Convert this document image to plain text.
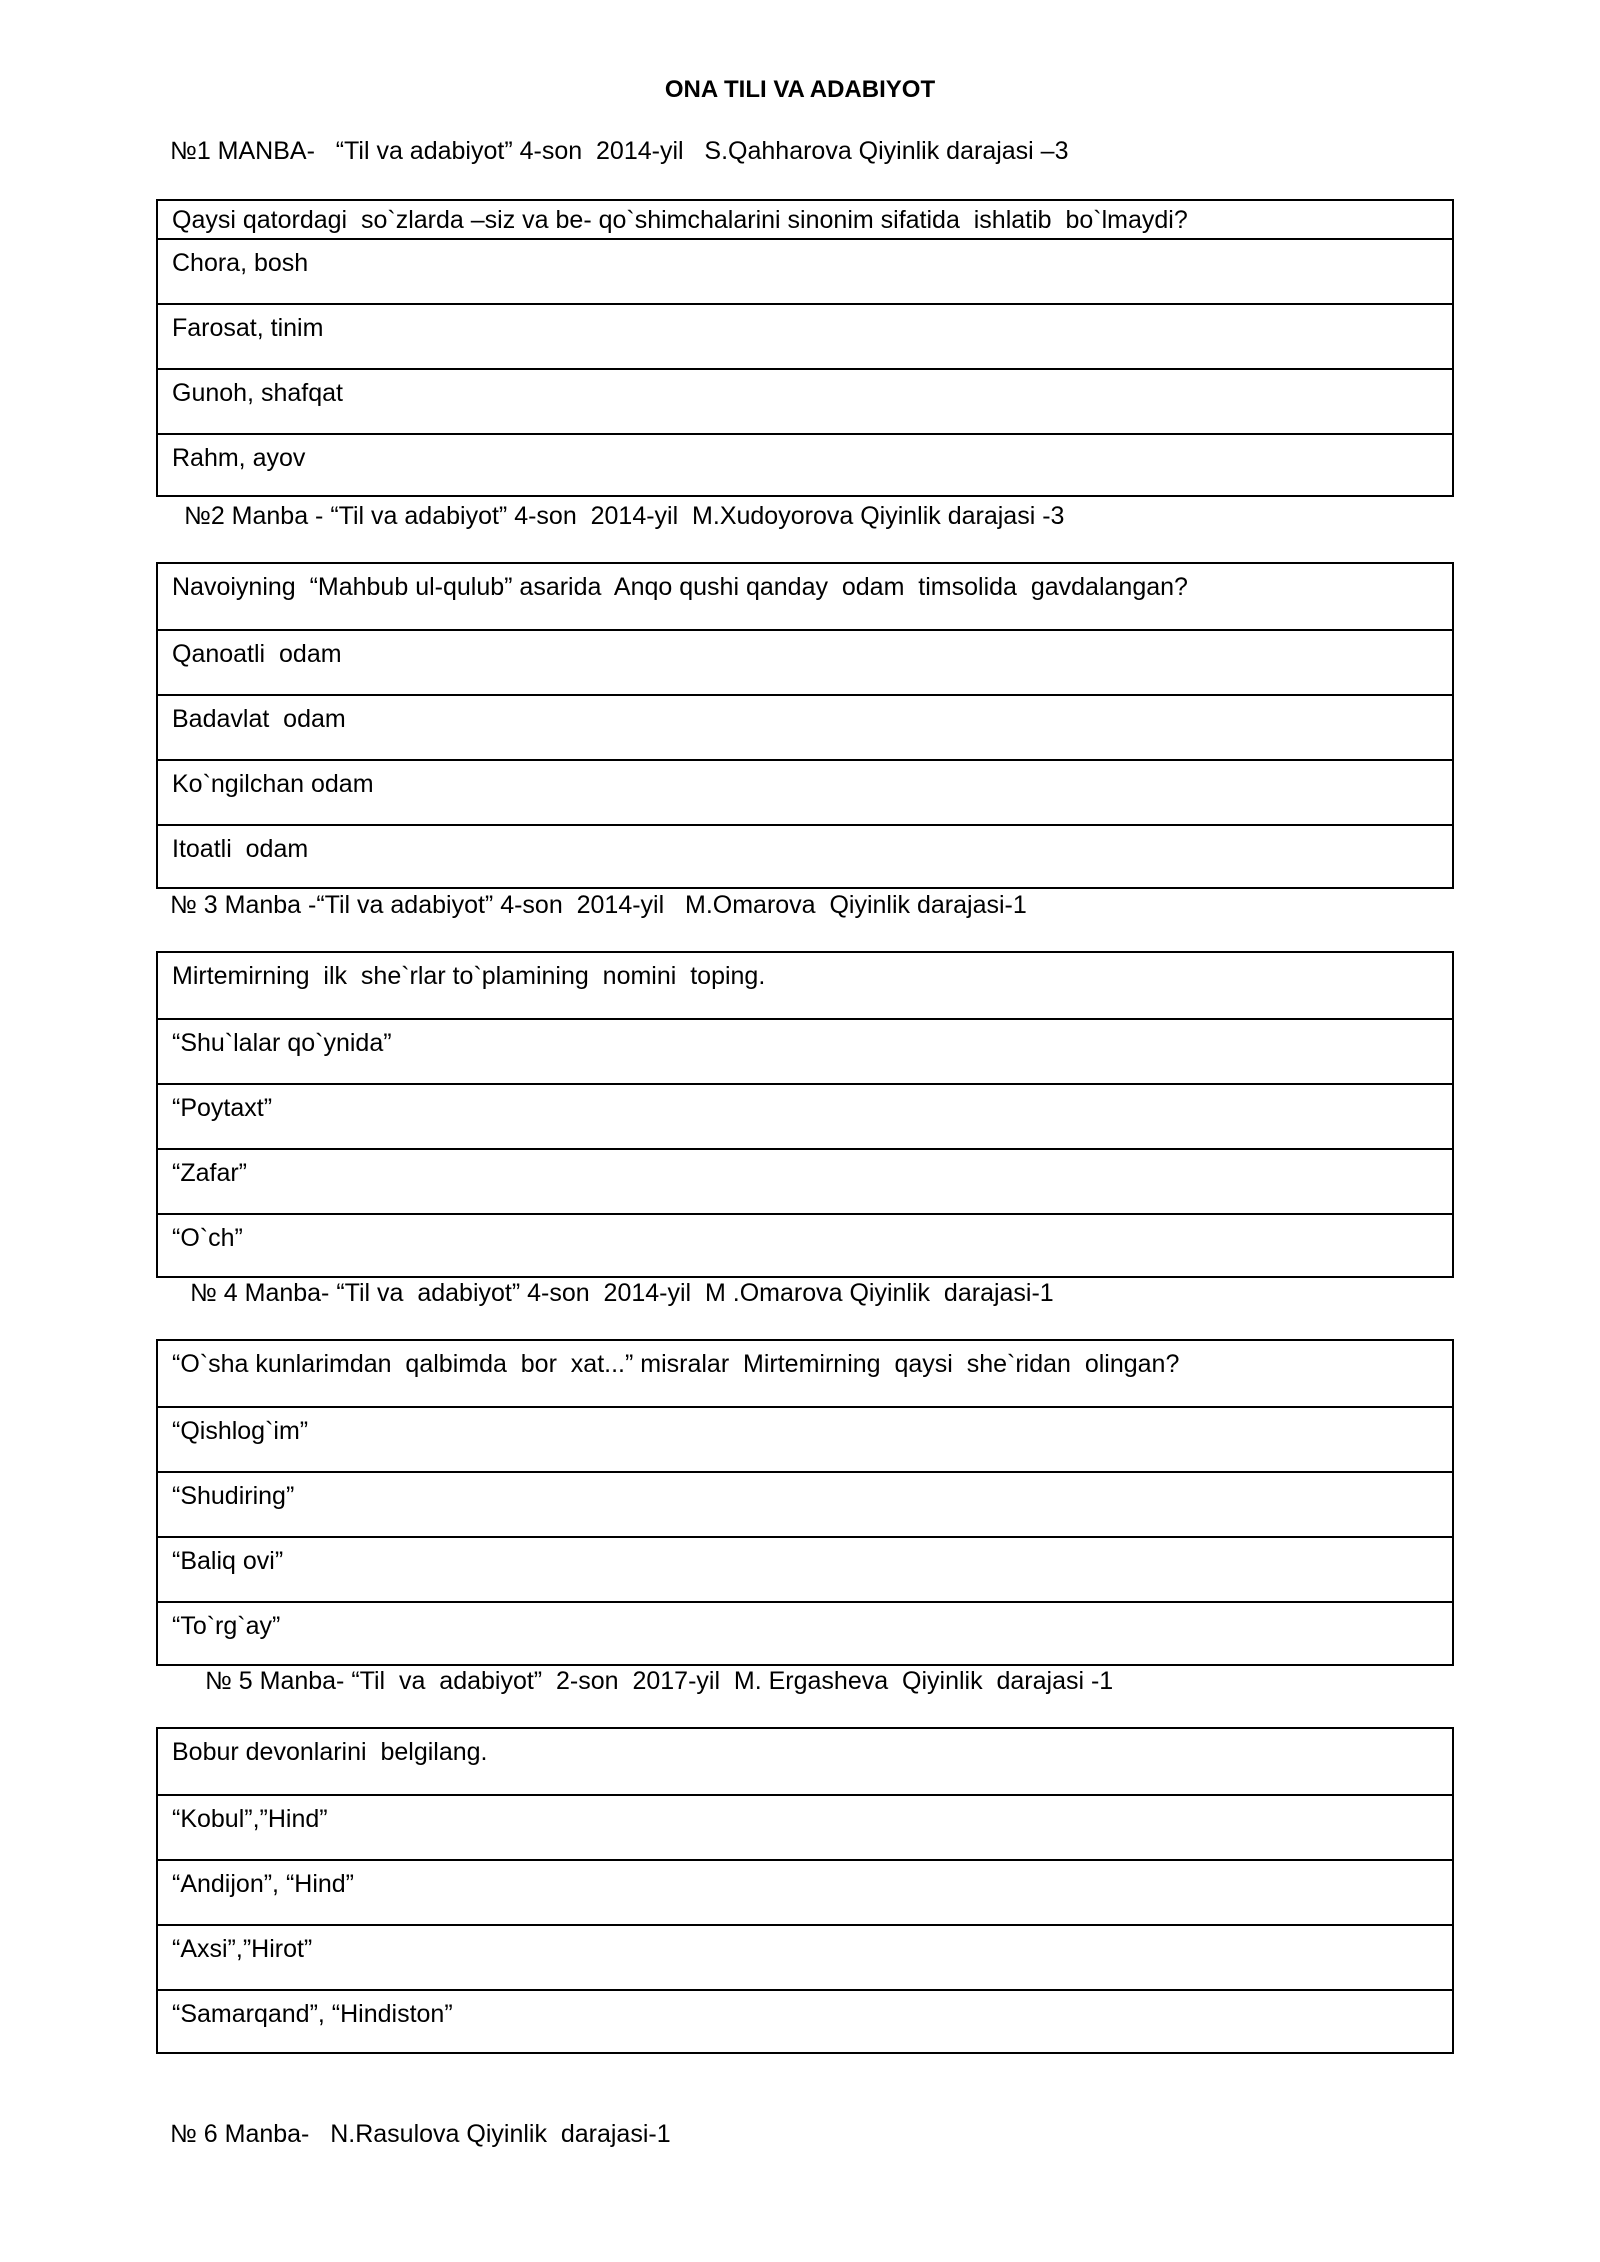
ONA TILI VA ADABIYOT
№1 MANBA-   “Til va adabiyot” 4-son  2014-yil   S.Qahharova Qiyinlik darajasi –3
Qaysi qatordagi  so`zlarda –siz va be- qo`shimchalarini sinonim sifatida  ishlatib  bo`lmaydi?
Chora, bosh
Farosat, tinim
Gunoh, shafqat
Rahm, ayov
№2 Manba - “Til va adabiyot” 4-son  2014-yil  M.Xudoyorova Qiyinlik darajasi -3
Navoiyning  “Mahbub ul-qulub” asarida  Anqo qushi qanday  odam  timsolida  gavdalangan?
Qanoatli  odam
Badavlat  odam
Ko`ngilchan odam
Itoatli  odam
№ 3 Manba -“Til va adabiyot” 4-son  2014-yil   M.Omarova  Qiyinlik darajasi-1
Mirtemirning  ilk  she`rlar to`plamining  nomini  toping.
“Shu`lalar qo`ynida”
“Poytaxt”
“Zafar”
“O`ch”
№ 4 Manba- “Til va  adabiyot” 4-son  2014-yil  M .Omarova Qiyinlik  darajasi-1
“O`sha kunlarimdan  qalbimda  bor  xat...” misralar  Mirtemirning  qaysi  she`ridan  olingan?
“Qishlog`im”
“Shudiring”
“Baliq ovi”
“To`rg`ay”
№ 5 Manba- “Til  va  adabiyot”  2-son  2017-yil  M. Ergasheva  Qiyinlik  darajasi -1
Bobur devonlarini  belgilang.
“Kobul”,”Hind”
“Andijon”, “Hind”
“Axsi”,”Hirot”
“Samarqand”, “Hindiston”
№ 6 Manba-   N.Rasulova Qiyinlik  darajasi-1
